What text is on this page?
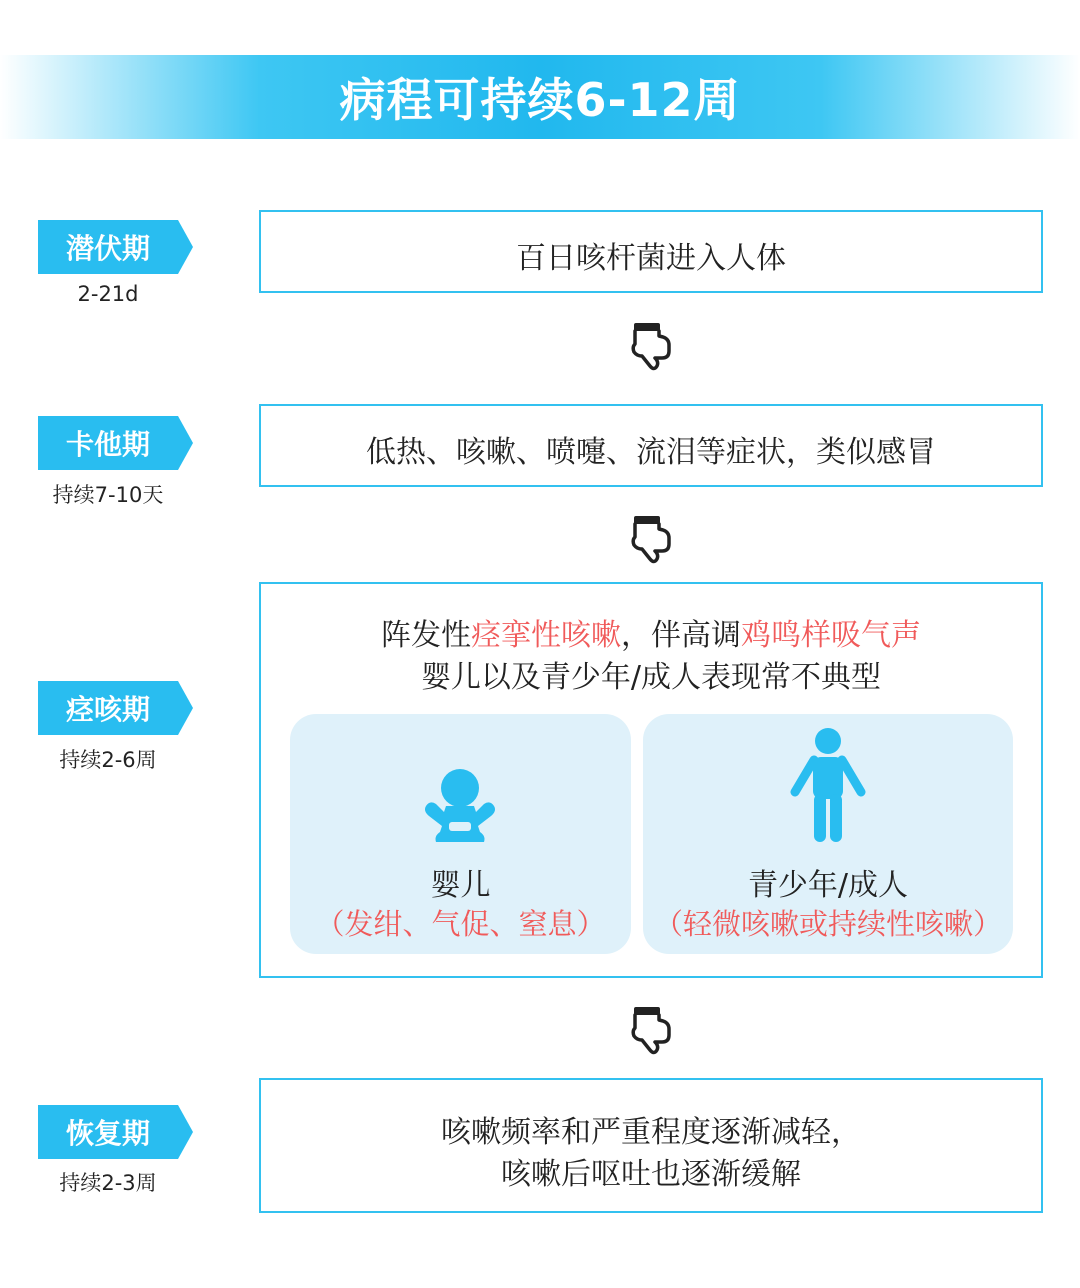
病程可持续6-12周
潜伏期
2-21d
百日咳杆菌进入人体
卡他期
持续7-10天
低热、咳嗽、喷嚏、流泪等症状，类似感冒
痉咳期
持续2-6周
阵发性痉挛性咳嗽，伴高调鸡鸣样吸气声
婴儿以及青少年/成人表现常不典型
婴儿
（发绀、气促、窒息）
青少年/成人
（轻微咳嗽或持续性咳嗽）
恢复期
持续2-3周
咳嗽频率和严重程度逐渐减轻，
咳嗽后呕吐也逐渐缓解
